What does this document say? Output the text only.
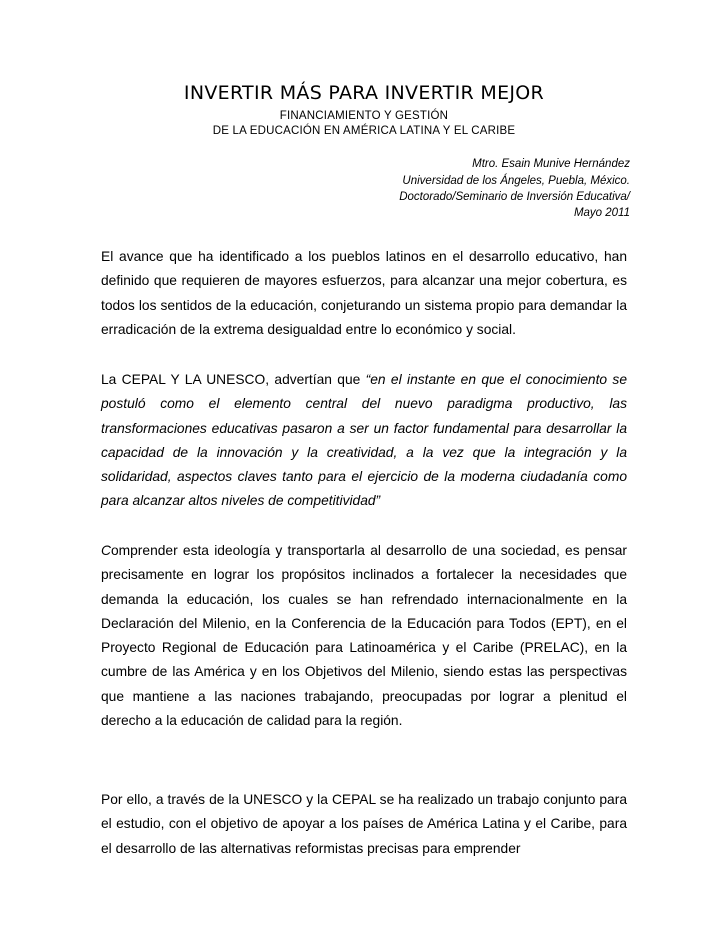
INVERTIR MÁS PARA INVERTIR MEJOR
FINANCIAMIENTO Y GESTIÓN
DE LA EDUCACIÓN EN AMÉRICA LATINA Y EL CARIBE
Mtro. Esain Munive Hernández
Universidad de los Ángeles, Puebla, México.
Doctorado/Seminario de Inversión Educativa/
Mayo 2011

El avance que ha identificado a los pueblos latinos en el desarrollo educativo, han definido que requieren de mayores esfuerzos, para alcanzar una mejor cobertura, es todos los sentidos de la educación, conjeturando un sistema propio para demandar la erradicación de la extrema desigualdad entre lo económico y social.

La CEPAL Y LA UNESCO, advertían que “en el instante en que el conocimiento se postuló como el elemento central del nuevo paradigma productivo, las transformaciones educativas pasaron a ser un factor fundamental para desarrollar la capacidad de la innovación y la creatividad, a la vez que la integración y la solidaridad, aspectos claves tanto para el ejercicio de la moderna ciudadanía como para alcanzar altos niveles de competitividad”

Comprender esta ideología y transportarla al desarrollo de una sociedad, es pensar precisamente en lograr los propósitos inclinados a fortalecer la necesidades que demanda la educación, los cuales se han refrendado internacionalmente en la Declaración del Milenio, en la Conferencia de la Educación para Todos (EPT), en el Proyecto Regional de Educación para Latinoamérica y el Caribe (PRELAC), en la cumbre de las América y en los Objetivos del Milenio, siendo estas las perspectivas que mantiene a las naciones trabajando, preocupadas por lograr a plenitud el derecho a la educación de calidad para la región.

Por ello, a través de la UNESCO y la CEPAL se ha realizado un trabajo conjunto para el estudio, con el objetivo de apoyar a los países de América Latina y el Caribe, para el desarrollo de las alternativas reformistas precisas para emprender
